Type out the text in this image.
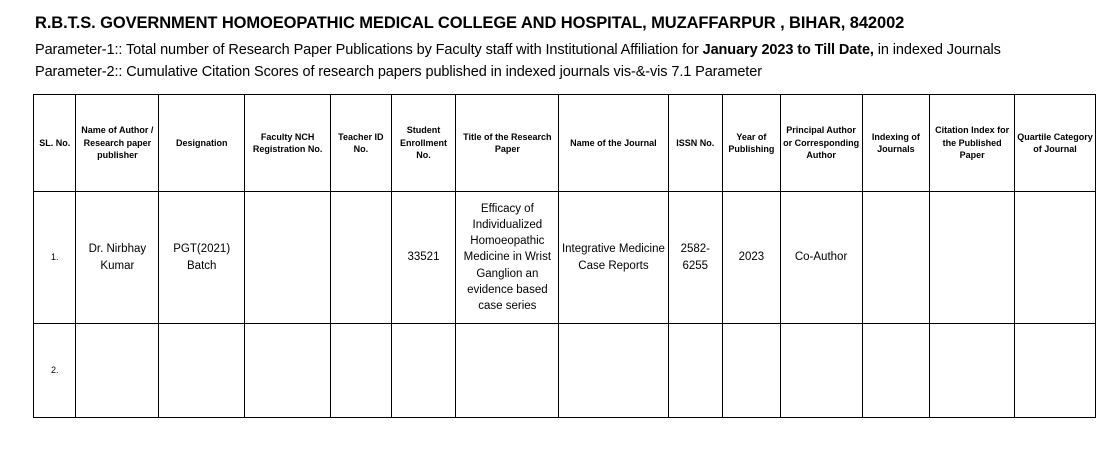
R.B.T.S. GOVERNMENT HOMOEOPATHIC MEDICAL COLLEGE AND HOSPITAL, MUZAFFARPUR , BIHAR, 842002
Parameter-1:: Total number of Research Paper Publications by Faculty staff with Institutional Affiliation for January 2023 to Till Date, in indexed Journals
Parameter-2:: Cumulative Citation Scores of research papers published in indexed journals vis-&-vis 7.1 Parameter
SL. No.	Name of Author / Research paper publisher	Designation	Faculty NCH Registration No.	Teacher ID No.	Student Enrollment No.	Title of the Research Paper	Name of the Journal	ISSN No.	Year of Publishing	Principal Author or Corresponding Author	Indexing of Journals	Citation Index for the Published Paper	Quartile Category of Journal
1.	Dr. Nirbhay Kumar	PGT(2021) Batch			33521	Efficacy of Individualized Homoeopathic Medicine in Wrist Ganglion an evidence based case series	Integrative Medicine Case Reports	2582-6255	2023	Co-Author			
2.													
